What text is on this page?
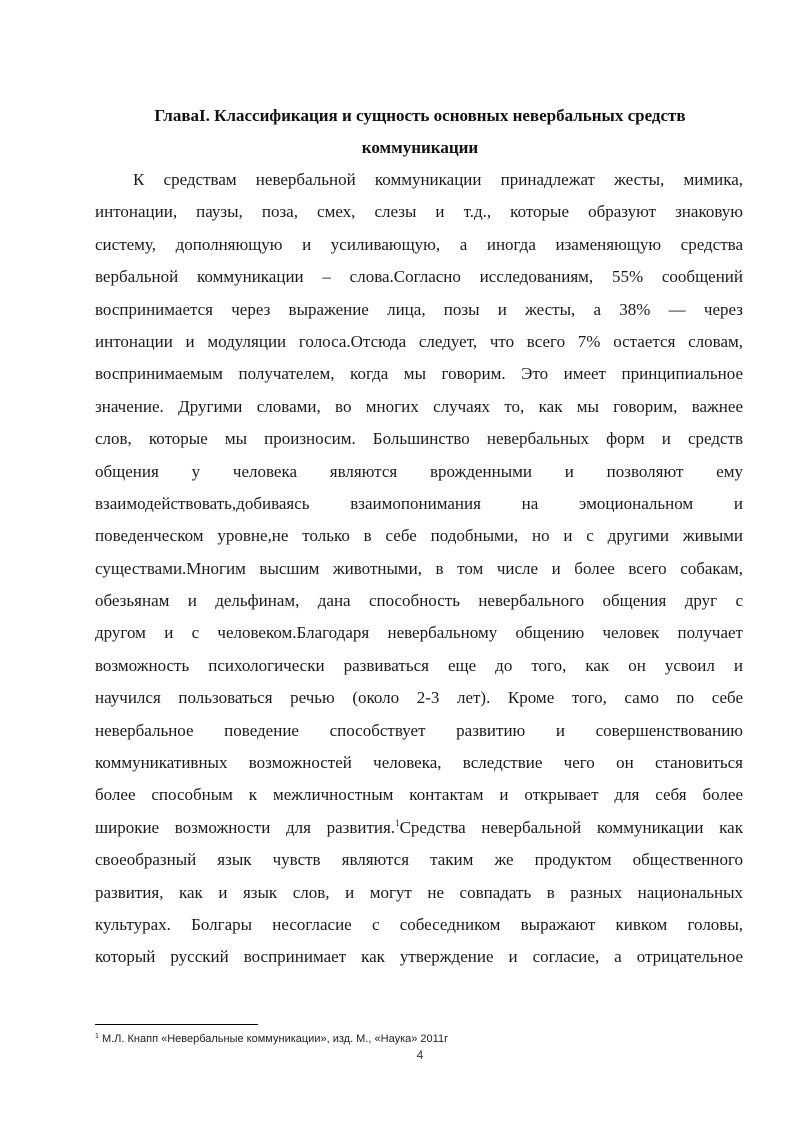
ГлаваI. Классификация и сущность основных невербальных средств
коммуникации
К средствам невербальной коммуникации принадлежат жесты, мимика,
интонации, паузы, поза, смех, слезы и т.д., которые образуют знаковую
систему, дополняющую и усиливающую, а иногда изаменяющую средства
вербальной коммуникации – слова.Согласно исследованиям, 55% сообщений
воспринимается через выражение лица, позы и жесты, а 38% — через
интонации и модуляции голоса.Отсюда следует, что всего 7% остается словам,
воспринимаемым получателем, когда мы говорим. Это имеет принципиальное
значение. Другими словами, во многих случаях то, как мы говорим, важнее
слов, которые мы произносим. Большинство невербальных форм и средств
общения у человека являются врожденными и позволяют ему
взаимодействовать,добиваясь взаимопонимания на эмоциональном и
поведенческом уровне,не только в себе подобными, но и с другими живыми
существами.Многим высшим животными, в том числе и более всего собакам,
обезьянам и дельфинам, дана способность невербального общения друг с
другом и с человеком.Благодаря невербальному общению человек получает
возможность психологически развиваться еще до того, как он усвоил и
научился пользоваться речью (около 2-3 лет). Кроме того, само по себе
невербальное поведение способствует развитию и совершенствованию
коммуникативных возможностей человека, вследствие чего он становиться
более способным к межличностным контактам и открывает для себя более
широкие возможности для развития.$^1$Средства невербальной коммуникации как
своеобразный язык чувств являются таким же продуктом общественного
развития, как и язык слов, и могут не совпадать в разных национальных
культурах. Болгары несогласие с собеседником выражают кивком головы,
который русский воспринимает как утверждение и согласие, а отрицательное
$^1$ М.Л. Кнапп «Невербальные коммуникации», изд. М., «Наука» 2011г
4
